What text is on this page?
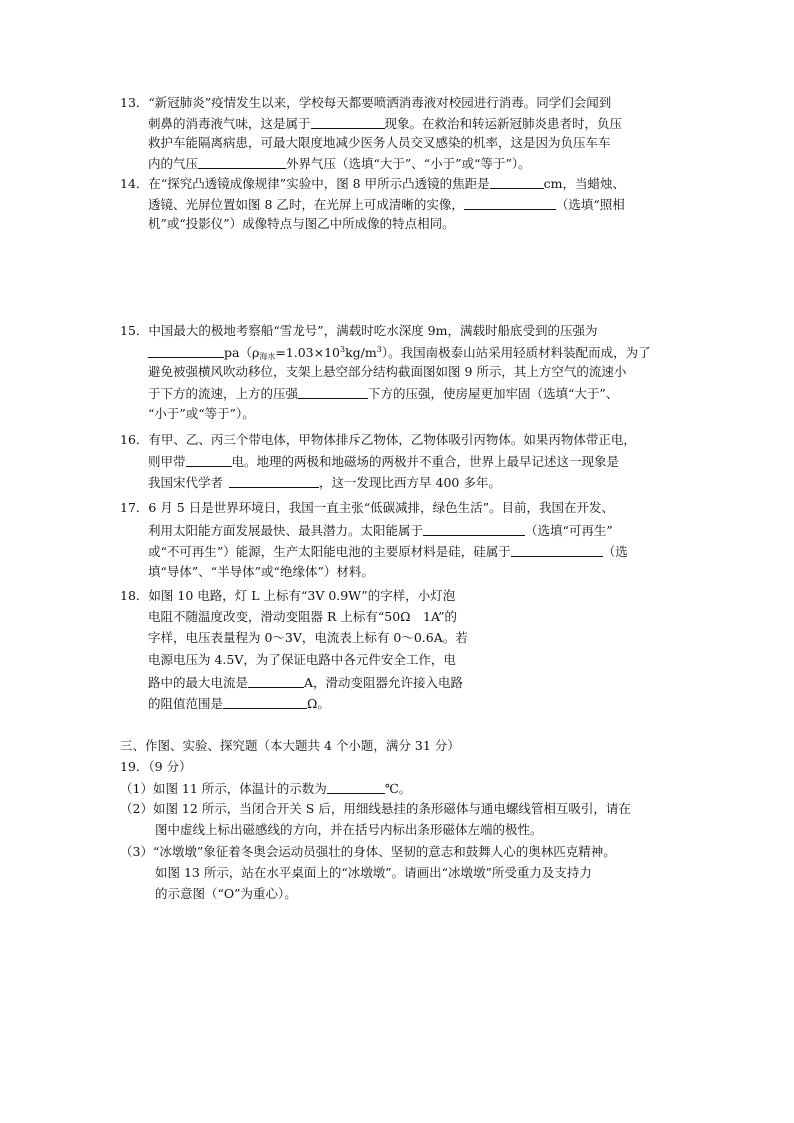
13．“新冠肺炎”疫情发生以来，学校每天都要喷洒消毒液对校园进行消毒。同学们会闻到
刺鼻的消毒液气味，这是属于	现象。在救治和转运新冠肺炎患者时，负压
救护车能隔离病患，可最大限度地减少医务人员交叉感染的机率，这是因为负压车车
内的气压	外界气压（选填“大于”、“小于”或“等于”）。
14．在“探究凸透镜成像规律”实验中，图 8 甲所示凸透镜的焦距是	cm，当蜡烛、
透镜、光屏位置如图 8 乙时，在光屏上可成清晰的实像，	（选填“照相
机”或“投影仪”）成像特点与图乙中所成像的特点相同。
15．中国最大的极地考察船“雪龙号”，满载时吃水深度 9m，满载时船底受到的压强为
$pa(\rho_{海水}=1.03\times 10^3kg/m^3)$。我国南极泰山站采用轻质材料装配而成，为了
避免被强横风吹动移位，支架上悬空部分结构截面图如图 9 所示，其上方空气的流速小
于下方的流速，上方的压强	下方的压强，使房屋更加牢固（选填“大于”、
“小于”或“等于”）。
16．有甲、乙、丙三个带电体，甲物体排斥乙物体，乙物体吸引丙物体。如果丙物体带正电，
则甲带	电。地理的两极和地磁场的两极并不重合，世界上最早记述这一现象是
我国宋代学者	，这一发现比西方早 400 多年。
17．6 月 5 日是世界环境日，我国一直主张“低碳减排，绿色生活”。目前，我国在开发、
利用太阳能方面发展最快、最具潜力。太阳能属于	（选填“可再生”
或“不可再生”）能源，生产太阳能电池的主要原材料是硅，硅属于	（选
填“导体”、“半导体”或“绝缘体”）材料。
18．如图 10 电路，灯 L 上标有“3V 0.9W”的字样，小灯泡
电阻不随温度改变，滑动变阻器 R 上标有“50Ω　1A”的
字样，电压表量程为 0～3V，电流表上标有 0～0.6A。若
电源电压为 4.5V，为了保证电路中各元件安全工作，电
路中的最大电流是	A，滑动变阻器允许接入电路
的阻值范围是	Ω。
三、作图、实验、探究题（本大题共 4 个小题，满分 31 分）
19．（9 分）
（1）如图 11 所示，体温计的示数为	℃。
（2）如图 12 所示，当闭合开关 S 后，用细线悬挂的条形磁体与通电螺线管相互吸引，请在
图中虚线上标出磁感线的方向，并在括号内标出条形磁体左端的极性。
（3）“冰墩墩”象征着冬奥会运动员强壮的身体、坚韧的意志和鼓舞人心的奥林匹克精神。
如图 13 所示，站在水平桌面上的“冰墩墩”。请画出“冰墩墩”所受重力及支持力
的示意图（“O”为重心）。
